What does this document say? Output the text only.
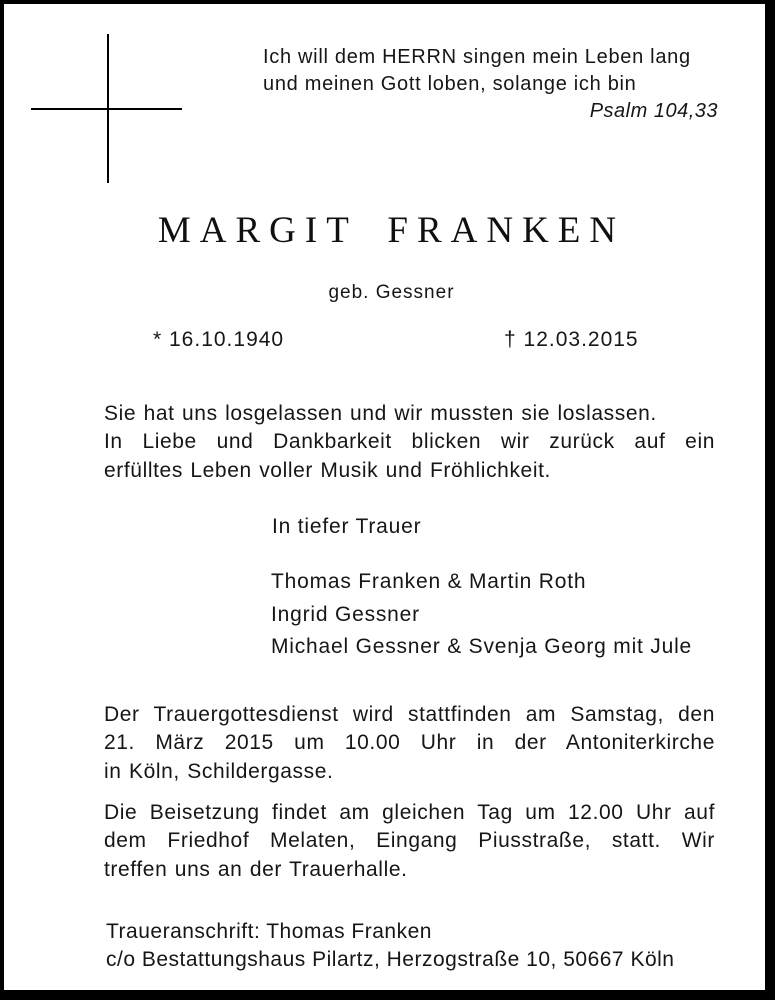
Ich will dem HERRN singen mein Leben lang
und meinen Gott loben, solange ich bin
Psalm 104,33
MARGIT FRANKEN
geb. Gessner
* 16.10.1940	† 12.03.2015
Sie hat uns losgelassen und wir mussten sie loslassen.
In Liebe und Dankbarkeit blicken wir zurück auf ein
erfülltes Leben voller Musik und Fröhlichkeit.
In tiefer Trauer
Thomas Franken & Martin Roth
Ingrid Gessner
Michael Gessner & Svenja Georg mit Jule
Der Trauergottesdienst wird stattfinden am Samstag, den
21. März 2015 um 10.00 Uhr in der Antoniterkirche
in Köln, Schildergasse.
Die Beisetzung findet am gleichen Tag um 12.00 Uhr auf
dem Friedhof Melaten, Eingang Piusstraße, statt. Wir
treffen uns an der Trauerhalle.
Traueranschrift: Thomas Franken
c/o Bestattungshaus Pilartz, Herzogstraße 10, 50667 Köln
